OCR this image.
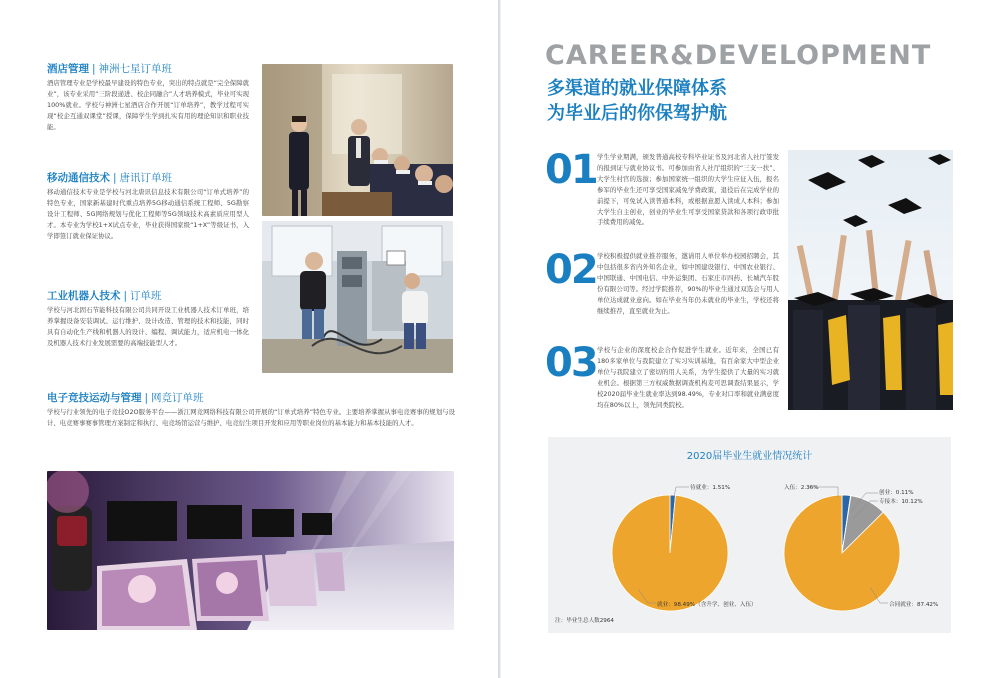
酒店管理 | 神洲七星订单班

酒店管理专业是学校最早建设的特色专业，突出的特点就是“完全保障就业”，该专业采用“三阶段递进、校企同融合”人才培养模式，毕业可实现100%就业。学校与神洲七星酒店合作开展“订单培养”，教学过程可实现“校企互通双课堂”授课，保障学生学到扎实有用的理论知识和职业技能。

移动通信技术 | 唐讯订单班

移动通信技术专业是学校与河北唐讯信息技术有限公司“订单式培养”的特色专业，国家新基建时代重点培养5G移动通信系统工程师、5G勘察设计工程师、5G网络规划与优化工程师等5G领域技术高素质应用型人才。本专业为学校1+X试点专业，毕业获得国家级“1+X”等级证书，入学即签订就业保证协议。

工业机器人技术 | 订单班

学校与河北固石节能科技有限公司共同开设工业机器人技术订单班，培养掌握设备安装调试、运行维护、设计改造、管理的技术和技能，同时具有自动化生产线和机器人的设计、编程、调试能力，适应机电一体化及机器人技术行业发展需要的高端技能型人才。

电子竞技运动与管理 | 网竞订单班

学校与行业领先的电子竞技O2O服务平台——浙江网竞网络科技有限公司开展的“订单式培养”特色专业。主要培养掌握从事电竞赛事的规划与设计、电竞赛事赛事管理方案制定和执行、电竞场馆运营与维护、电竞衍生项目开发和应用等职业岗位的基本能力和基本技能的人才。

CAREER&DEVELOPMENT
多渠道的就业保障体系
为毕业后的你保驾护航
01 学生学业期满，颁发普通高校专科毕业证书及河北省人社厅签发的报到证与就业协议书。可参加由省人社厅组织的“三支一扶”、大学生村官的选拔；参加国家统一组织的大学生应征入伍，报名参军的毕业生还可享受国家减免学费政策，退役后在完成学业的前提下，可免试入读普通本科，或根据意愿入读成人本科；参加大学生自主创业，创业的毕业生可享受国家贷款和各项行政审批手续费用的减免。

02 学校积极提供就业推荐服务，邀请用人单位举办校园招聘会，其中包括很多省内外知名企业，如中国建设银行、中国农业银行、中国联通、中国电信、中外运集团、石家庄市四药、长城汽车股份有限公司等。经过学院推荐，90%的毕业生通过双选会与用人单位达成就业意向。如在毕业当年仍未就业的毕业生，学校还将继续推荐，直至就业为止。

03 学校与企业的深度校企合作促进学生就业。近年来，全国已有180多家单位与我院建立了实习实训基地，有百余家大中型企业单位与我院建立了密切的用人关系，为学生提供了大量的实习就业机会。根据第三方权威数据调查机构麦可思调查结果显示，学校2020届毕业生就业率达到98.49%，专业对口率和就业满意度均在80%以上，领先同类院校。

2020届毕业生就业情况统计
待就业：1.51%
就业：98.49%（含升学、创业、入伍）
入伍：2.36%
创业：0.11%
专接本：10.12%
合同就业：87.42%
注：毕业生总人数2964
